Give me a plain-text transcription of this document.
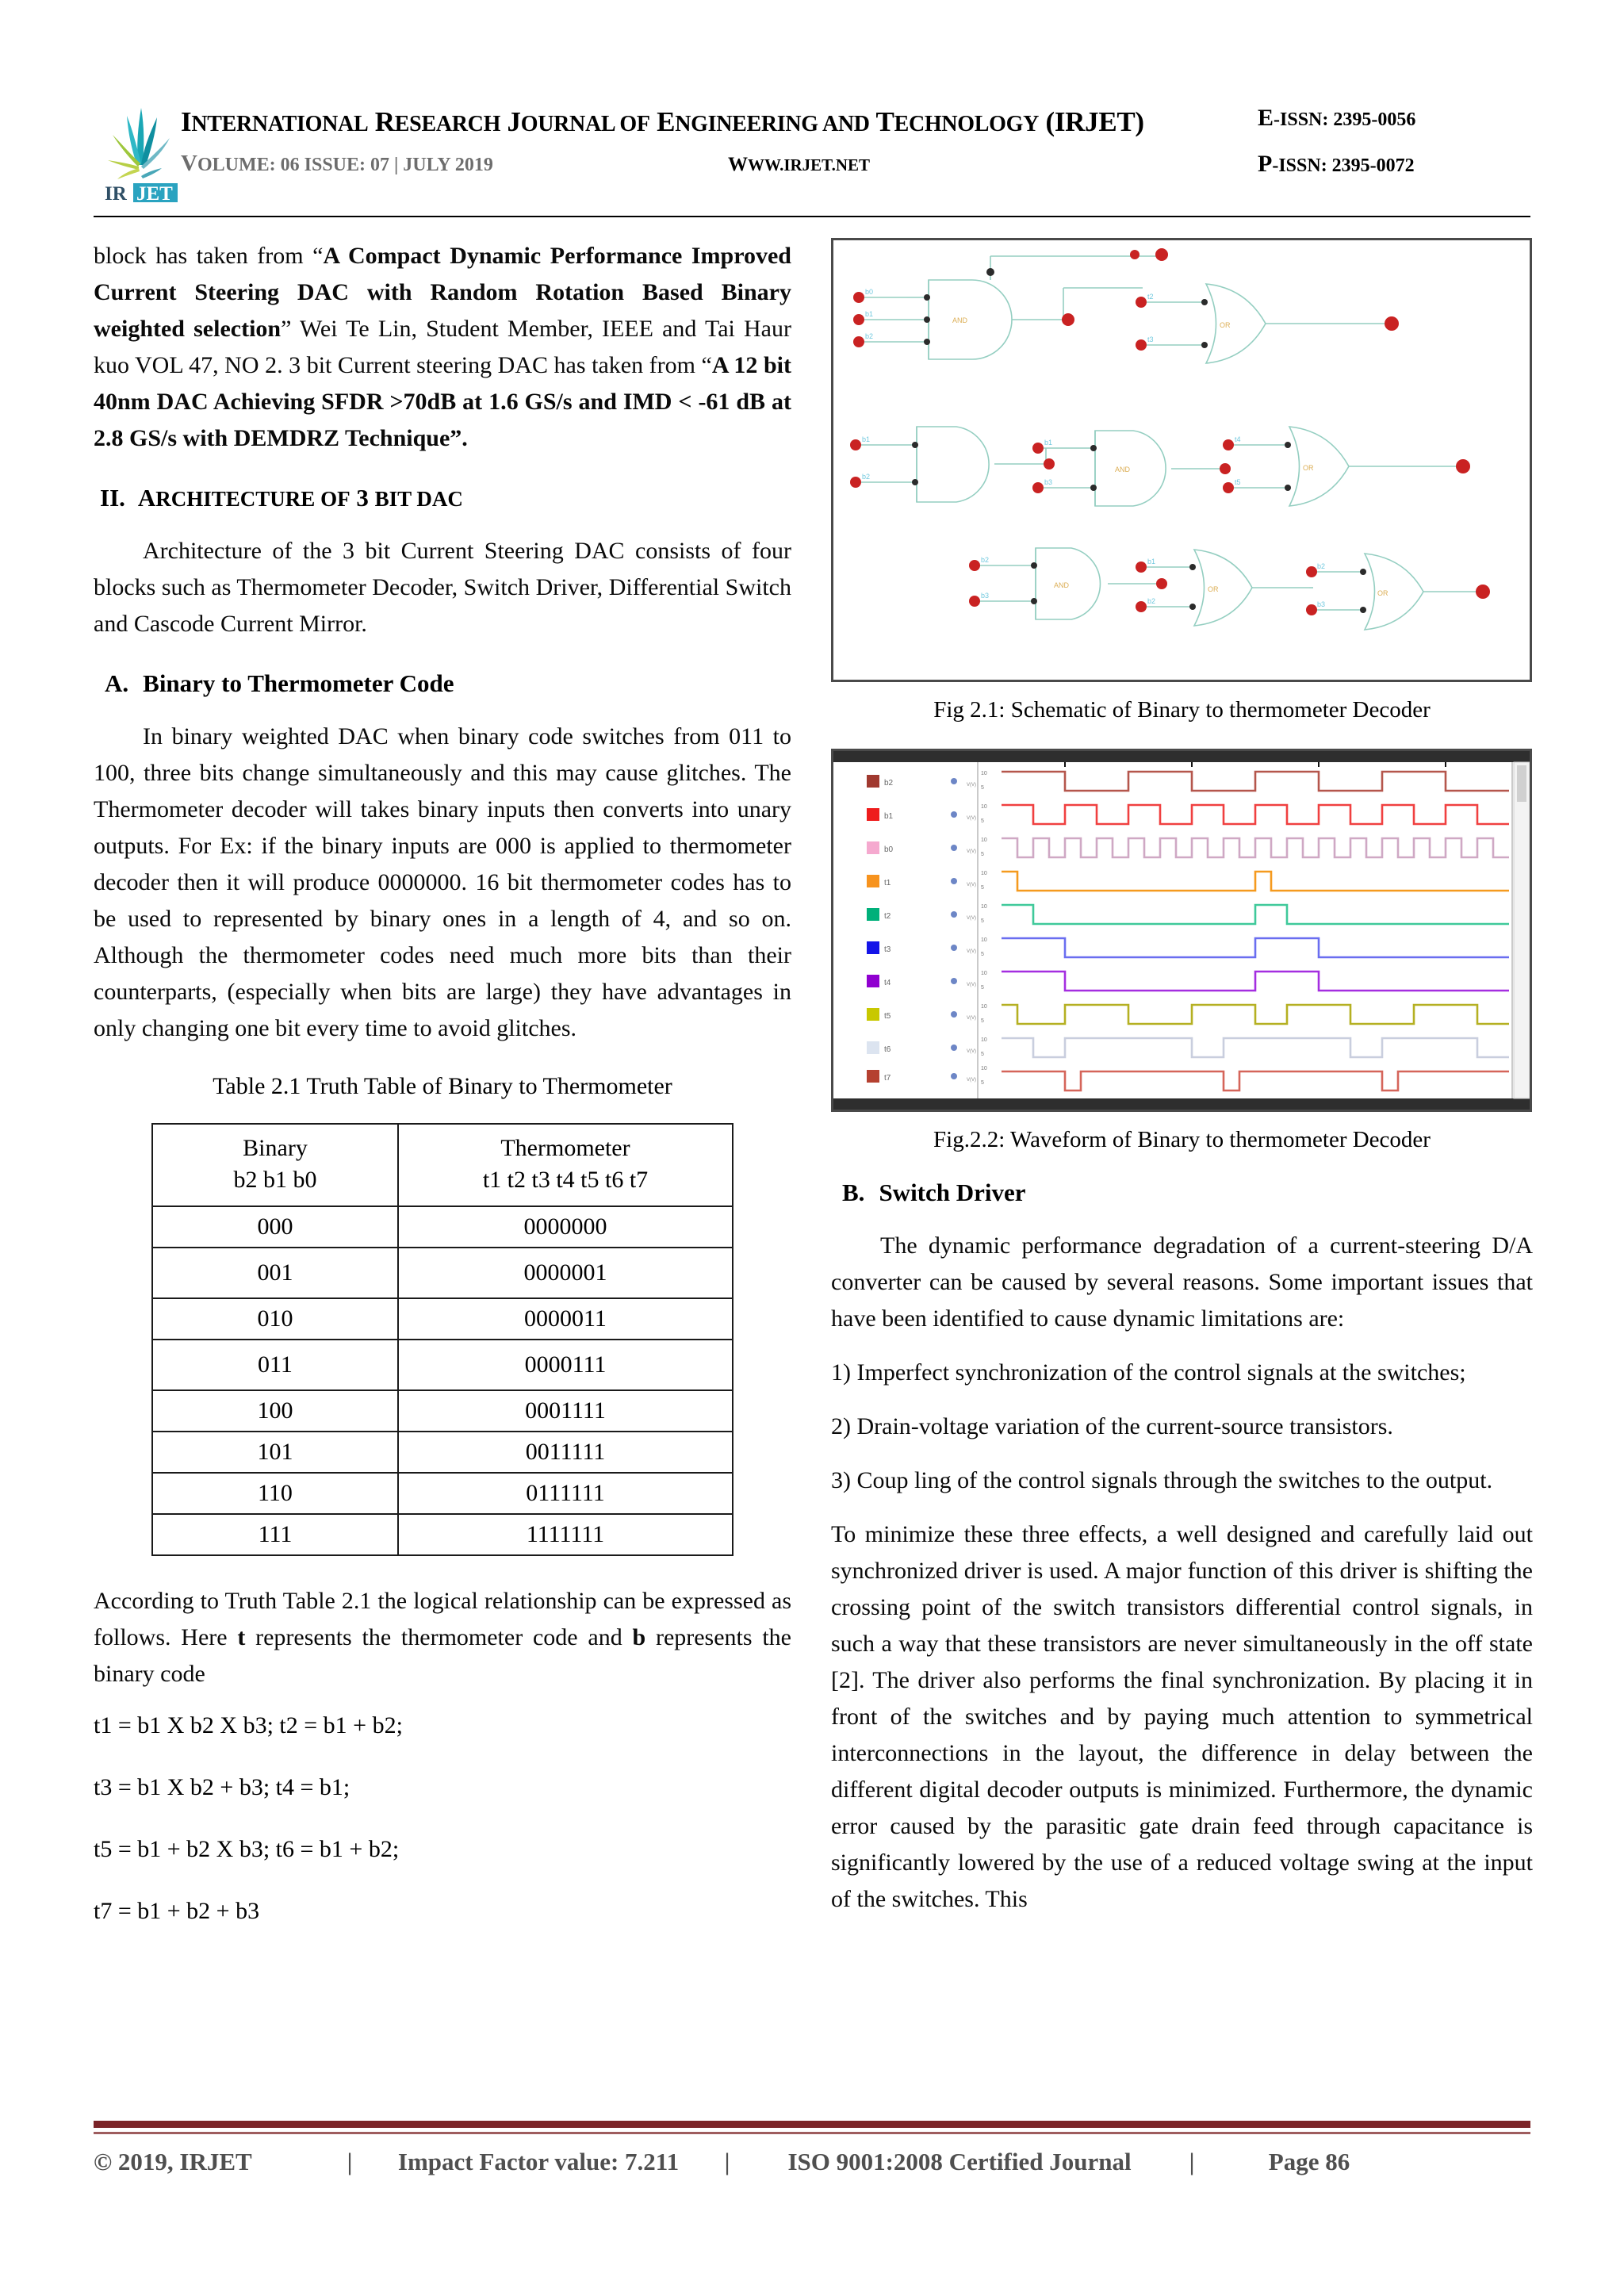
IR JET
INTERNATIONAL RESEARCH JOURNAL OF ENGINEERING AND TECHNOLOGY (IRJET)
VOLUME: 06 ISSUE: 07 | JULY 2019	WWW.IRJET.NET
E-ISSN: 2395-0056
P-ISSN: 2395-0072

block has taken from “A Compact Dynamic Performance Improved Current Steering DAC with Random Rotation Based Binary weighted selection” Wei Te Lin, Student Member, IEEE and Tai Haur kuo VOL 47, NO 2. 3 bit Current steering DAC has taken from “A 12 bit 40nm DAC Achieving SFDR >70dB at 1.6 GS/s and IMD < -61 dB at 2.8 GS/s with DEMDRZ Technique”.

II. ARCHITECTURE OF 3 BIT DAC

Architecture of the 3 bit Current Steering DAC consists of four blocks such as Thermometer Decoder, Switch Driver, Differential Switch and Cascode Current Mirror.

A. Binary to Thermometer Code

In binary weighted DAC when binary code switches from 011 to 100, three bits change simultaneously and this may cause glitches. The Thermometer decoder will takes binary inputs then converts into unary outputs. For Ex: if the binary inputs are 000 is applied to thermometer decoder then it will produce 0000000. 16 bit thermometer codes has to be used to represented by binary ones in a length of 4, and so on. Although the thermometer codes need much more bits than their counterparts, (especially when bits are large) they have advantages in only changing one bit every time to avoid glitches.

Table 2.1 Truth Table of Binary to Thermometer
Binary
b2 b1 b0

Thermometer
t1 t2 t3 t4 t5 t6 t7

000	0000000
001	0000001
010	0000011
011	0000111
100	0001111
101	0011111
110	0111111
111	1111111

According to Truth Table 2.1 the logical relationship can be expressed as follows. Here t represents the thermometer code and b represents the binary code

t1 = b1 X b2 X b3; t2 = b1 + b2;
t3 = b1 X b2 + b3; t4 = b1;
t5 = b1 + b2 X b3; t6 = b1 + b2;
t7 = b1 + b2 + b3
b0
b1
b2
b1
b2
b1
b3
t2
t3
t4
t5
b2
b3
b1
b2
b2
b3
AND
AND
AND
OR
OR
OR	OR
Fig 2.1: Schematic of Binary to thermometer Decoder
b2
10
5
V(V)
b1
10
5
V(V)
b0
10
5
V(V)
t1
10
5
V(V)
t2
10
5
V(V)
t3
10
5
V(V)
t4
10
5
V(V)
t5
10
5
V(V)
t6
10
5
V(V)
t7
10
5
V(V)
Fig.2.2: Waveform of Binary to thermometer Decoder
B. Switch Driver

The dynamic performance degradation of a current-steering D/A converter can be caused by several reasons. Some important issues that have been identified to cause dynamic limitations are:

1) Imperfect synchronization of the control signals at the switches;

2) Drain-voltage variation of the current-source transistors.

3) Coup ling of the control signals through the switches to the output.

To minimize these three effects, a well designed and carefully laid out synchronized driver is used. A major function of this driver is shifting the crossing point of the switch transistors differential control signals, in such a way that these transistors are never simultaneously in the off state [2]. The driver also performs the final synchronization. By placing it in front of the switches and by paying much attention to symmetrical interconnections in the layout, the difference in delay between the different digital decoder outputs is minimized. Furthermore, the dynamic error caused by the parasitic gate drain feed through capacitance is significantly lowered by the use of a reduced voltage swing at the input of the switches. This

© 2019, IRJET	|	Impact Factor value: 7.211	|	ISO 9001:2008 Certified Journal	|	Page 86
